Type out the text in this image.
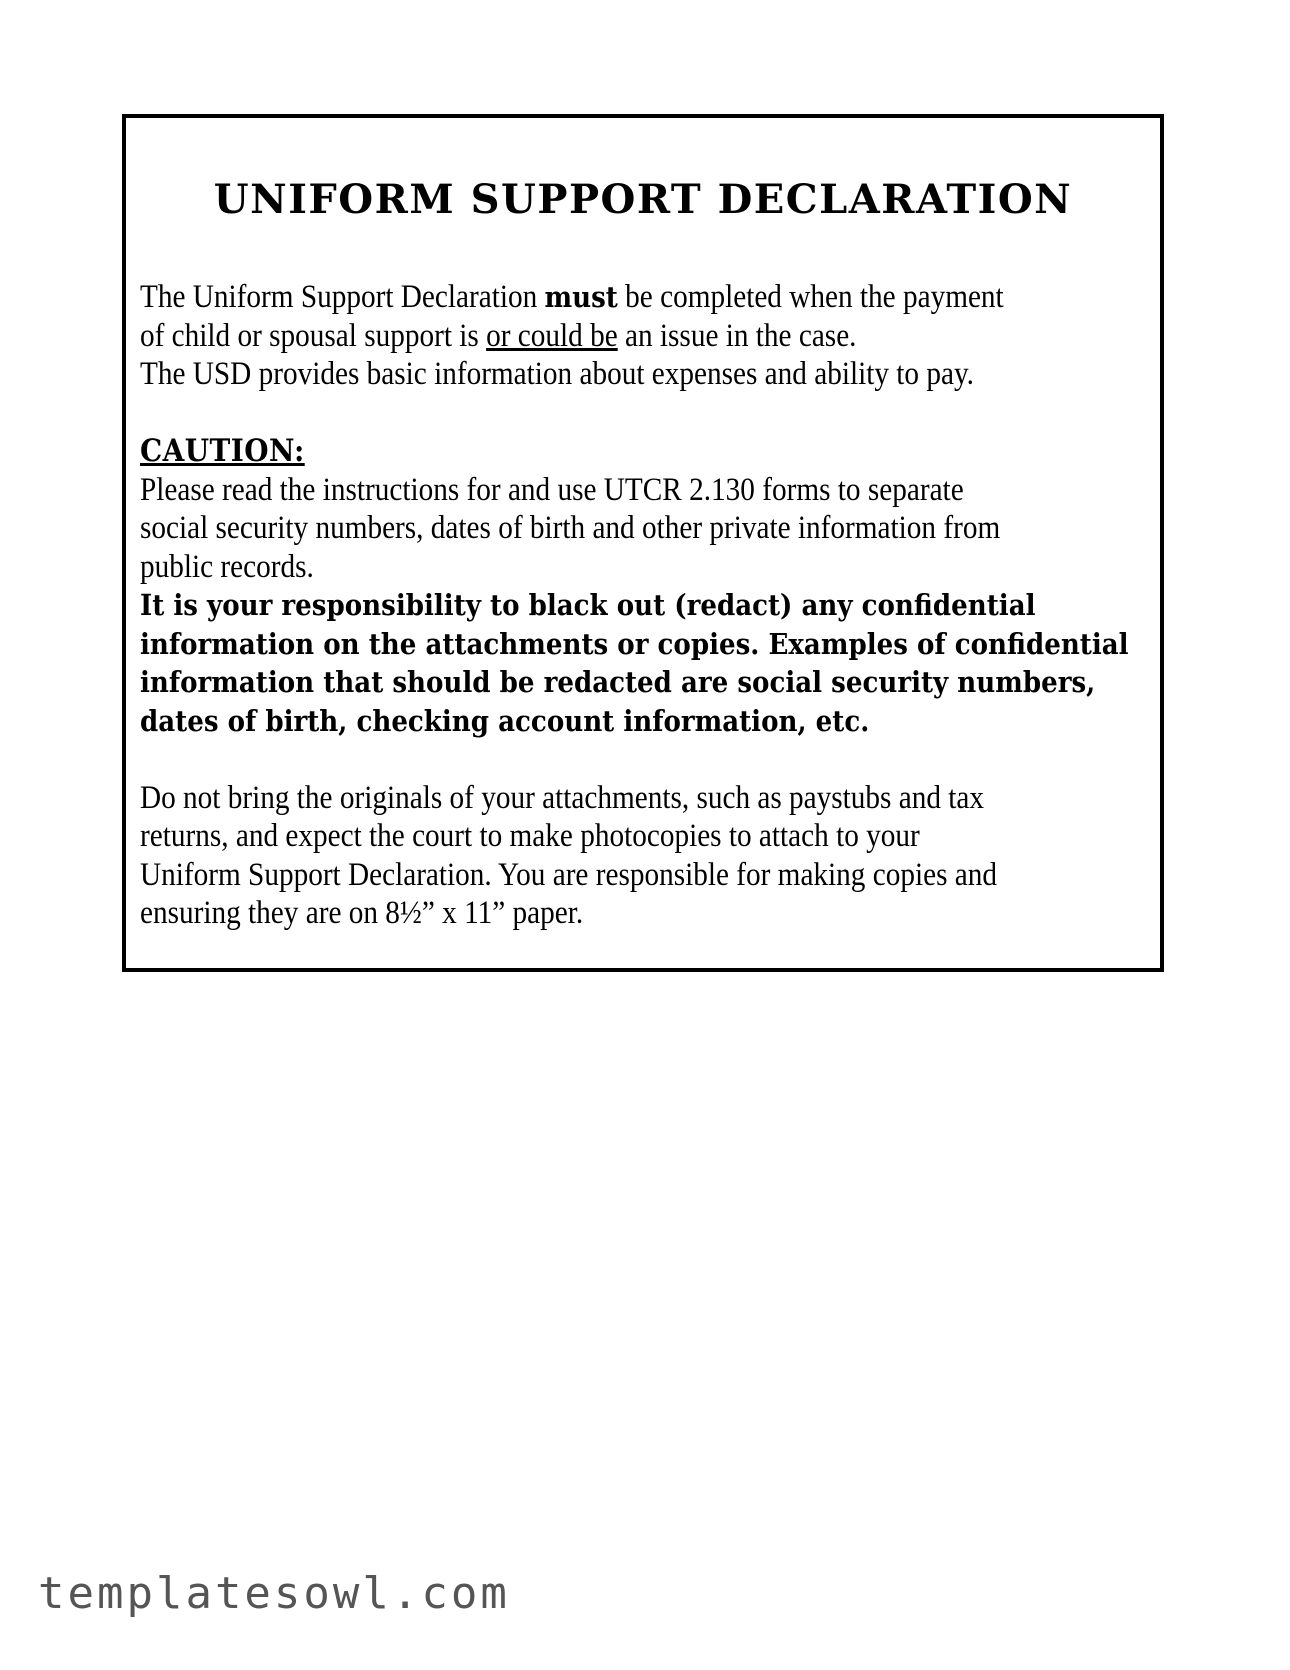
UNIFORM SUPPORT DECLARATION
The Uniform Support Declaration must be completed when the payment
of child or spousal support is or could be an issue in the case.
The USD provides basic information about expenses and ability to pay.
CAUTION:
Please read the instructions for and use UTCR 2.130 forms to separate
social security numbers, dates of birth and other private information from
public records.
It is your responsibility to black out (redact) any confidential
information on the attachments or copies. Examples of confidential
information that should be redacted are social security numbers,
dates of birth, checking account information, etc.
Do not bring the originals of your attachments, such as paystubs and tax
returns, and expect the court to make photocopies to attach to your
Uniform Support Declaration. You are responsible for making copies and
ensuring they are on 8½” x 11” paper.
templatesowl.com
